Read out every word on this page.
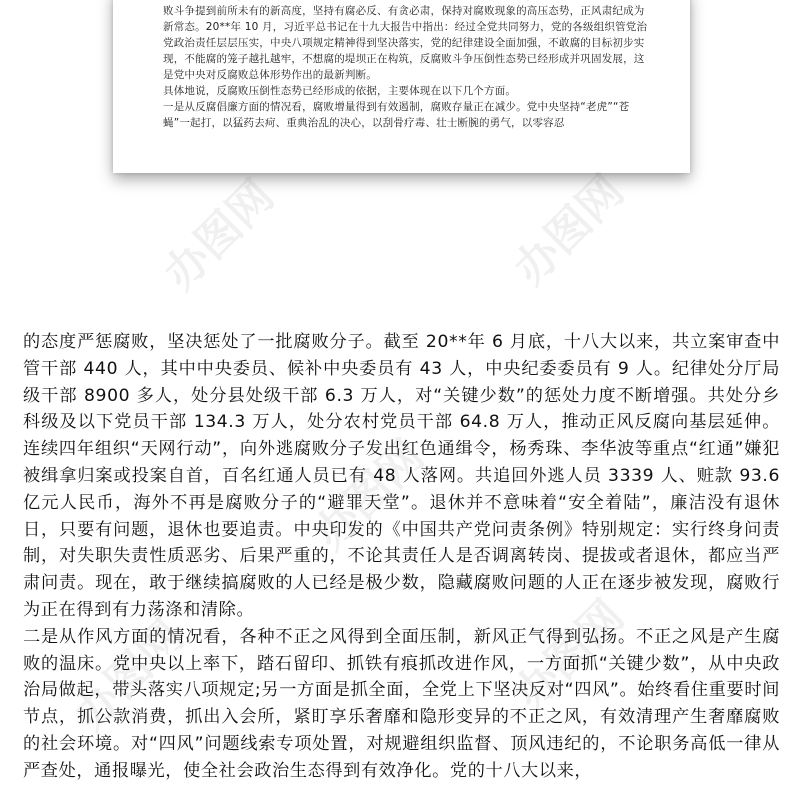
败斗争提到前所未有的新高度，坚持有腐必反、有贪必肃，保持对腐败现象的高压态势，正风肃纪成为新常态。20**年 10 月，习近平总书记在十九大报告中指出：经过全党共同努力，党的各级组织管党治党政治责任层层压实，中央八项规定精神得到坚决落实，党的纪律建设全面加强，不敢腐的目标初步实现，不能腐的笼子越扎越牢，不想腐的堤坝正在构筑，反腐败斗争压倒性态势已经形成并巩固发展，这是党中央对反腐败总体形势作出的最新判断。

具体地说，反腐败压倒性态势已经形成的依据，主要体现在以下几个方面。

一是从反腐倡廉方面的情况看，腐败增量得到有效遏制，腐败存量正在减少。党中央坚持“老虎”“苍蝇”一起打，以猛药去疴、重典治乱的决心，以刮骨疗毒、壮士断腕的勇气，以零容忍

的态度严惩腐败，坚决惩处了一批腐败分子。截至 20**年 6 月底，十八大以来，共立案审查中管干部 440 人，其中中央委员、候补中央委员有 43 人，中央纪委委员有 9 人。纪律处分厅局级干部 8900 多人，处分县处级干部 6.3 万人，对“关键少数”的惩处力度不断增强。共处分乡科级及以下党员干部 134.3 万人，处分农村党员干部 64.8 万人，推动正风反腐向基层延伸。连续四年组织“天网行动”，向外逃腐败分子发出红色通缉令，杨秀珠、李华波等重点“红通”嫌犯被缉拿归案或投案自首，百名红通人员已有 48 人落网。共追回外逃人员 3339 人、赃款 93.6 亿元人民币，海外不再是腐败分子的“避罪天堂”。退休并不意味着“安全着陆”，廉洁没有退休日，只要有问题，退休也要追责。中央印发的《中国共产党问责条例》特别规定：实行终身问责制，对失职失责性质恶劣、后果严重的，不论其责任人是否调离转岗、提拔或者退休，都应当严肃问责。现在，敢于继续搞腐败的人已经是极少数，隐藏腐败问题的人正在逐步被发现，腐败行为正在得到有力荡涤和清除。

二是从作风方面的情况看，各种不正之风得到全面压制，新风正气得到弘扬。不正之风是产生腐败的温床。党中央以上率下，踏石留印、抓铁有痕抓改进作风，一方面抓“关键少数”，从中央政治局做起，带头落实八项规定;另一方面是抓全面，全党上下坚决反对“四风”。始终看住重要时间节点，抓公款消费，抓出入会所，紧盯享乐奢靡和隐形变异的不正之风，有效清理产生奢靡腐败的社会环境。对“四风”问题线索专项处置，对规避组织监督、顶风违纪的，不论职务高低一律从严查处，通报曝光，使全社会政治生态得到有效净化。党的十八大以来，

办图网	办图网
办图网
办图网
办图网
